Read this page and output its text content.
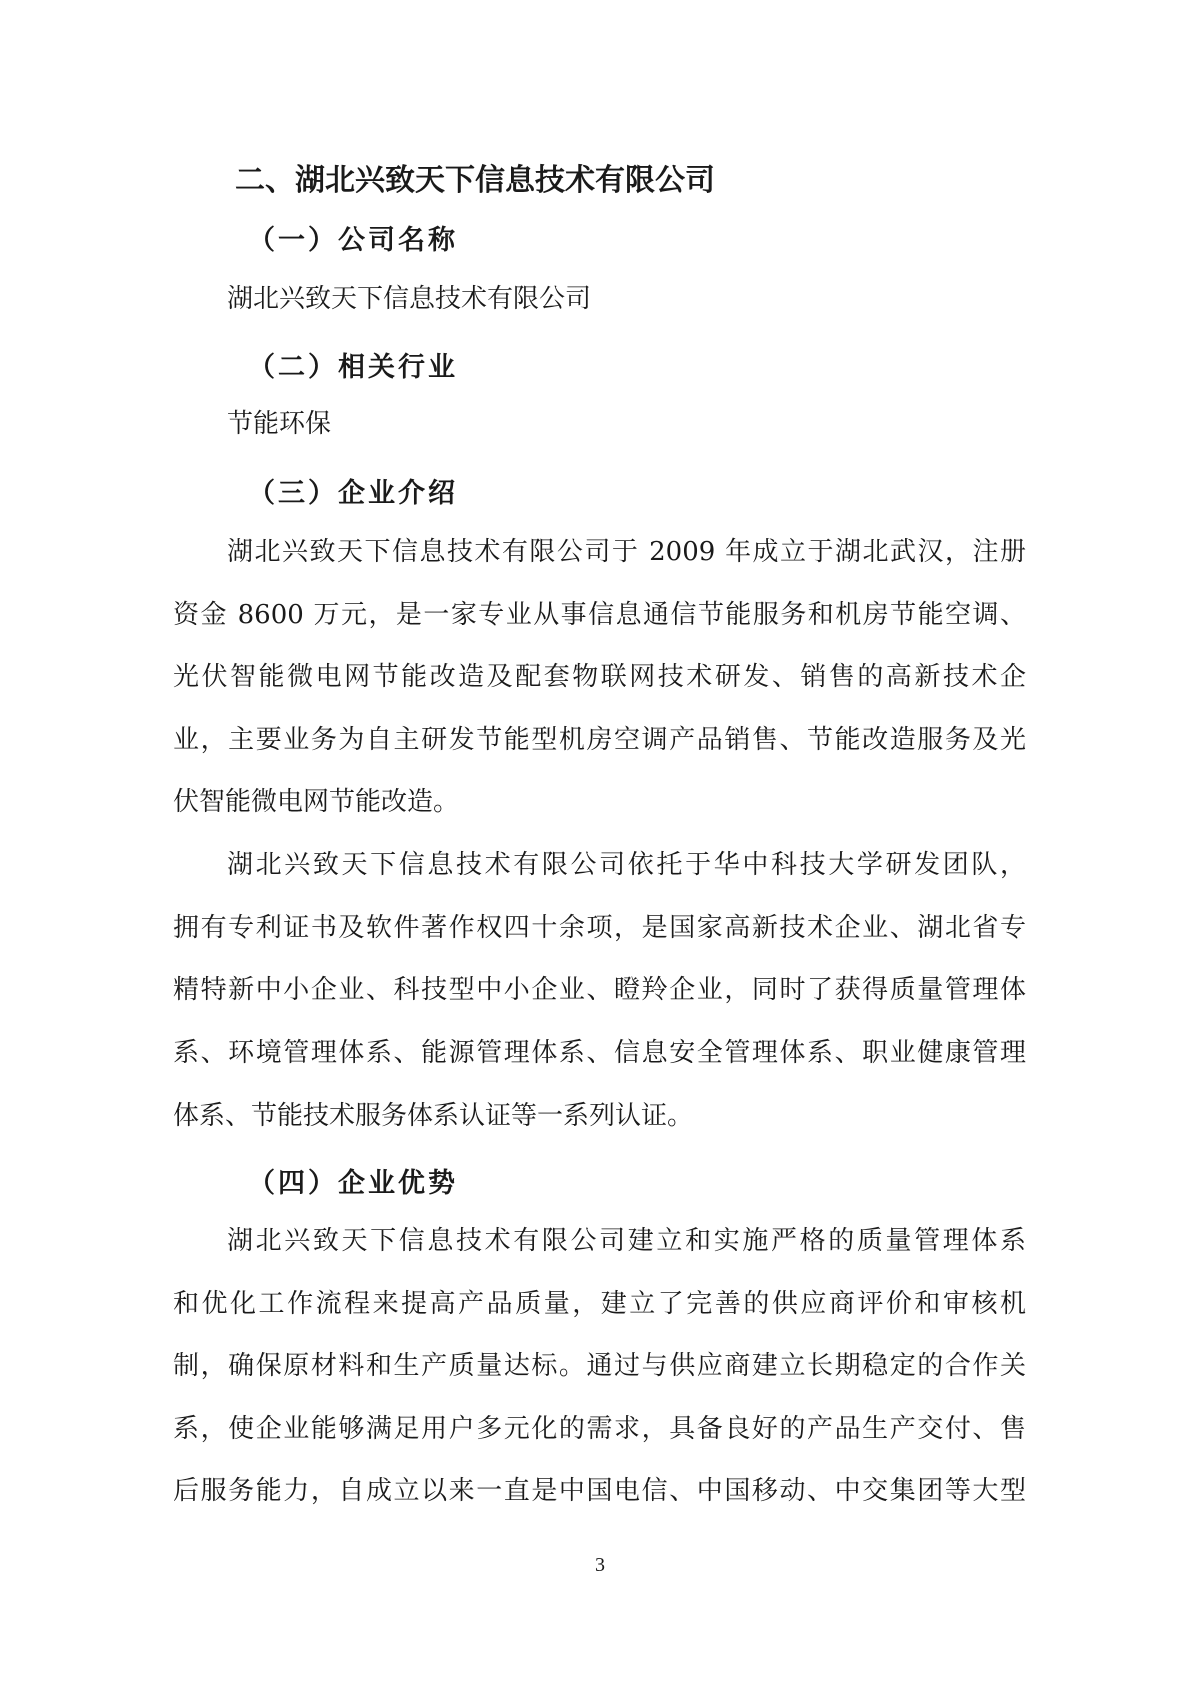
二、湖北兴致天下信息技术有限公司
（一）公司名称
湖北兴致天下信息技术有限公司
（二）相关行业
节能环保
（三）企业介绍
湖北兴致天下信息技术有限公司于 2009 年成立于湖北武汉，注册
资金 8600 万元，是一家专业从事信息通信节能服务和机房节能空调、
光伏智能微电网节能改造及配套物联网技术研发、销售的高新技术企
业，主要业务为自主研发节能型机房空调产品销售、节能改造服务及光
伏智能微电网节能改造。
湖北兴致天下信息技术有限公司依托于华中科技大学研发团队，
拥有专利证书及软件著作权四十余项，是国家高新技术企业、湖北省专
精特新中小企业、科技型中小企业、瞪羚企业，同时了获得质量管理体
系、环境管理体系、能源管理体系、信息安全管理体系、职业健康管理
体系、节能技术服务体系认证等一系列认证。
（四）企业优势
湖北兴致天下信息技术有限公司建立和实施严格的质量管理体系
和优化工作流程来提高产品质量，建立了完善的供应商评价和审核机
制，确保原材料和生产质量达标。通过与供应商建立长期稳定的合作关
系，使企业能够满足用户多元化的需求，具备良好的产品生产交付、售
后服务能力，自成立以来一直是中国电信、中国移动、中交集团等大型
3
